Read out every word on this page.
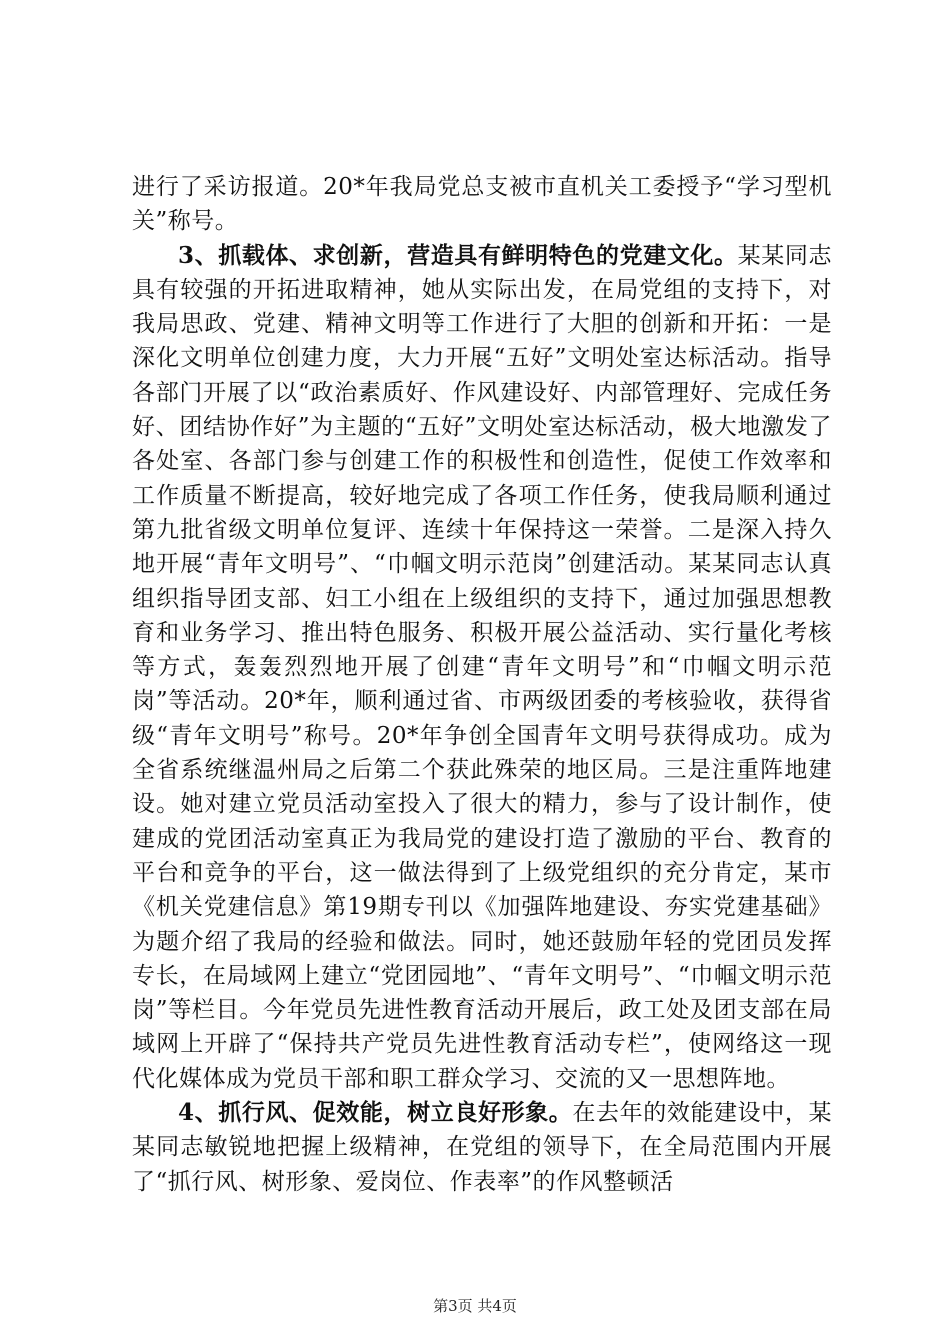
进行了采访报道。20*年我局党总支被市直机关工委授予“学习型机关”称号。

3、抓载体、求创新，营造具有鲜明特色的党建文化。某某同志具有较强的开拓进取精神，她从实际出发，在局党组的支持下，对我局思政、党建、精神文明等工作进行了大胆的创新和开拓：一是深化文明单位创建力度，大力开展“五好”文明处室达标活动。指导各部门开展了以“政治素质好、作风建设好、内部管理好、完成任务好、团结协作好”为主题的“五好”文明处室达标活动，极大地激发了各处室、各部门参与创建工作的积极性和创造性，促使工作效率和工作质量不断提高，较好地完成了各项工作任务，使我局顺利通过第九批省级文明单位复评、连续十年保持这一荣誉。二是深入持久地开展“青年文明号”、“巾帼文明示范岗”创建活动。某某同志认真组织指导团支部、妇工小组在上级组织的支持下，通过加强思想教育和业务学习、推出特色服务、积极开展公益活动、实行量化考核等方式，轰轰烈烈地开展了创建“青年文明号”和“巾帼文明示范岗”等活动。20*年，顺利通过省、市两级团委的考核验收，获得省级“青年文明号”称号。20*年争创全国青年文明号获得成功。成为全省系统继温州局之后第二个获此殊荣的地区局。三是注重阵地建设。她对建立党员活动室投入了很大的精力，参与了设计制作，使建成的党团活动室真正为我局党的建设打造了激励的平台、教育的平台和竞争的平台，这一做法得到了上级党组织的充分肯定，某市《机关党建信息》第19期专刊以《加强阵地建设、夯实党建基础》为题介绍了我局的经验和做法。同时，她还鼓励年轻的党团员发挥专长，在局域网上建立“党团园地”、“青年文明号”、“巾帼文明示范岗”等栏目。今年党员先进性教育活动开展后，政工处及团支部在局域网上开辟了“保持共产党员先进性教育活动专栏”，使网络这一现代化媒体成为党员干部和职工群众学习、交流的又一思想阵地。

4、抓行风、促效能，树立良好形象。在去年的效能建设中，某某同志敏锐地把握上级精神，在党组的领导下，在全局范围内开展了“抓行风、树形象、爱岗位、作表率”的作风整顿活

第3页 共4页
